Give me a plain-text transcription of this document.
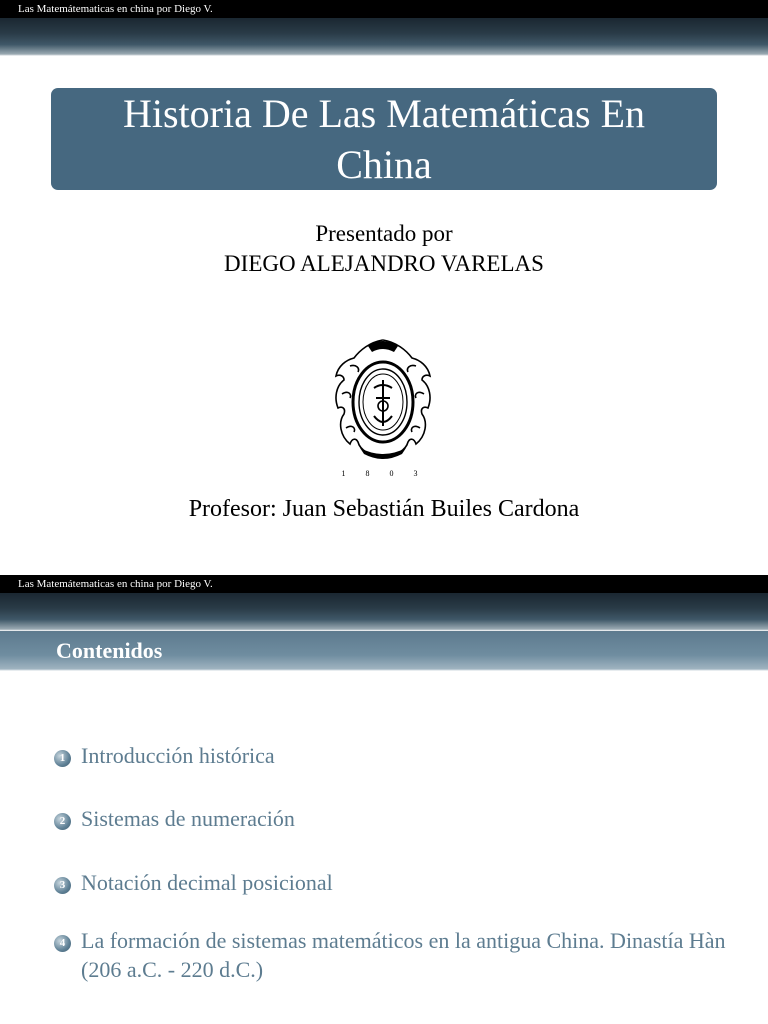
Las Matemátematicas en china por Diego V.
Historia De Las Matemáticas En China
Presentado por
DIEGO ALEJANDRO VARELAS
1 8 0 3
Profesor: Juan Sebastián Builes Cardona
Las Matemátematicas en china por Diego V.
Contenidos
1 Introducción histórica
2 Sistemas de numeración
3 Notación decimal posicional
4 La formación de sistemas matemáticos en la antigua China. Dinastía Hàn (206 a.C. - 220 d.C.)
